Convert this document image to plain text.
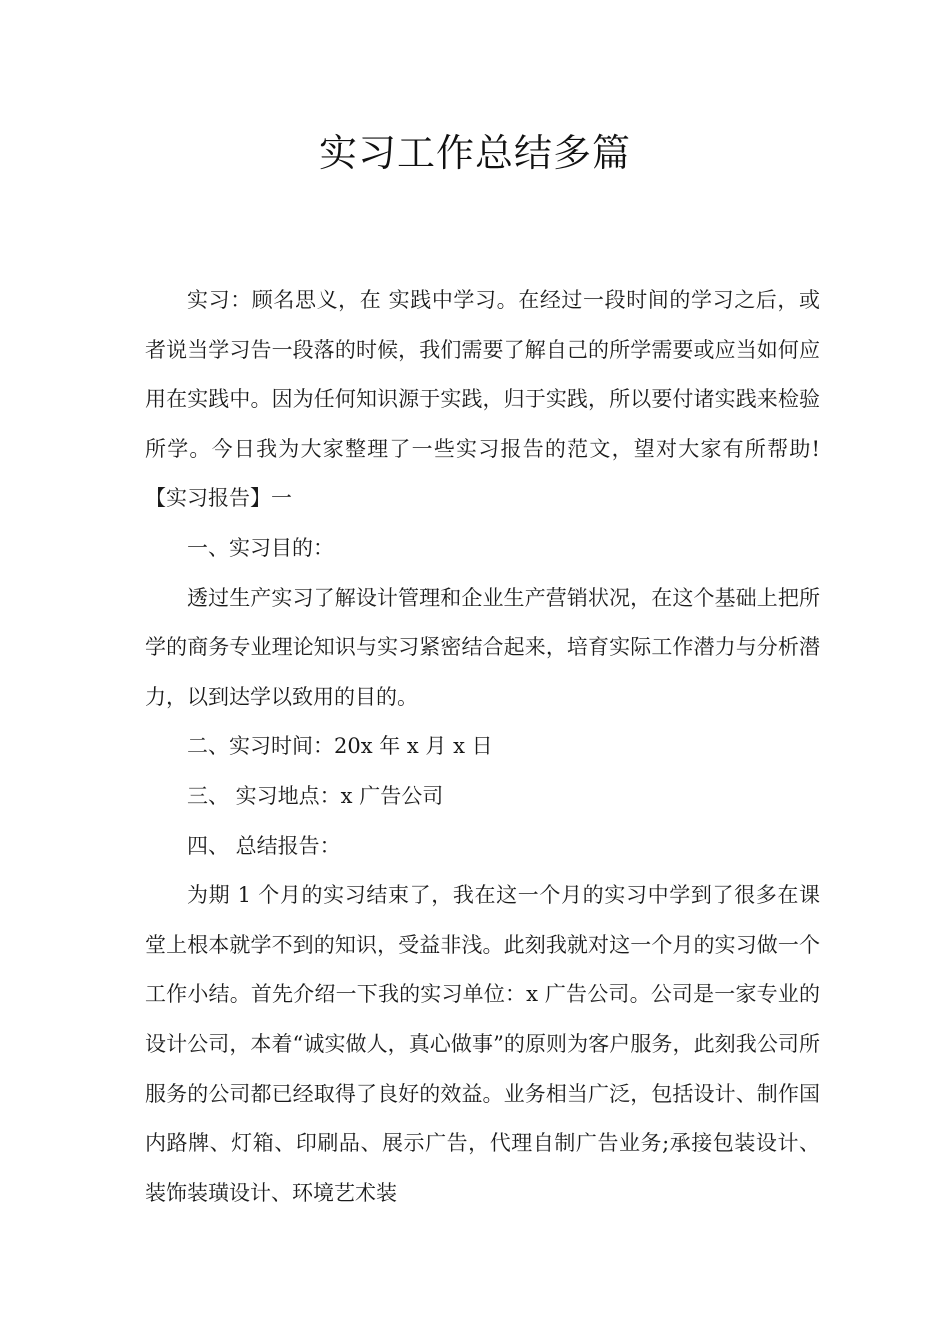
实习工作总结多篇

实习：顾名思义，在 实践中学习。在经过一段时间的学习之后，或者说当学习告一段落的时候，我们需要了解自己的所学需要或应当如何应用在实践中。因为任何知识源于实践，归于实践，所以要付诸实践来检验所学。今日我为大家整理了一些实习报告的范文，望对大家有所帮助!【实习报告】一

一、实习目的：

透过生产实习了解设计管理和企业生产营销状况，在这个基础上把所学的商务专业理论知识与实习紧密结合起来，培育实际工作潜力与分析潜力，以到达学以致用的目的。

二、实习时间：20x 年 x 月 x 日

三、 实习地点：x 广告公司

四、 总结报告：

为期 1 个月的实习结束了，我在这一个月的实习中学到了很多在课堂上根本就学不到的知识，受益非浅。此刻我就对这一个月的实习做一个工作小结。首先介绍一下我的实习单位：x 广告公司。公司是一家专业的设计公司，本着“诚实做人，真心做事”的原则为客户服务，此刻我公司所服务的公司都已经取得了良好的效益。业务相当广泛，包括设计、制作国内路牌、灯箱、印刷品、展示广告，代理自制广告业务;承接包装设计、装饰装璜设计、环境艺术装
